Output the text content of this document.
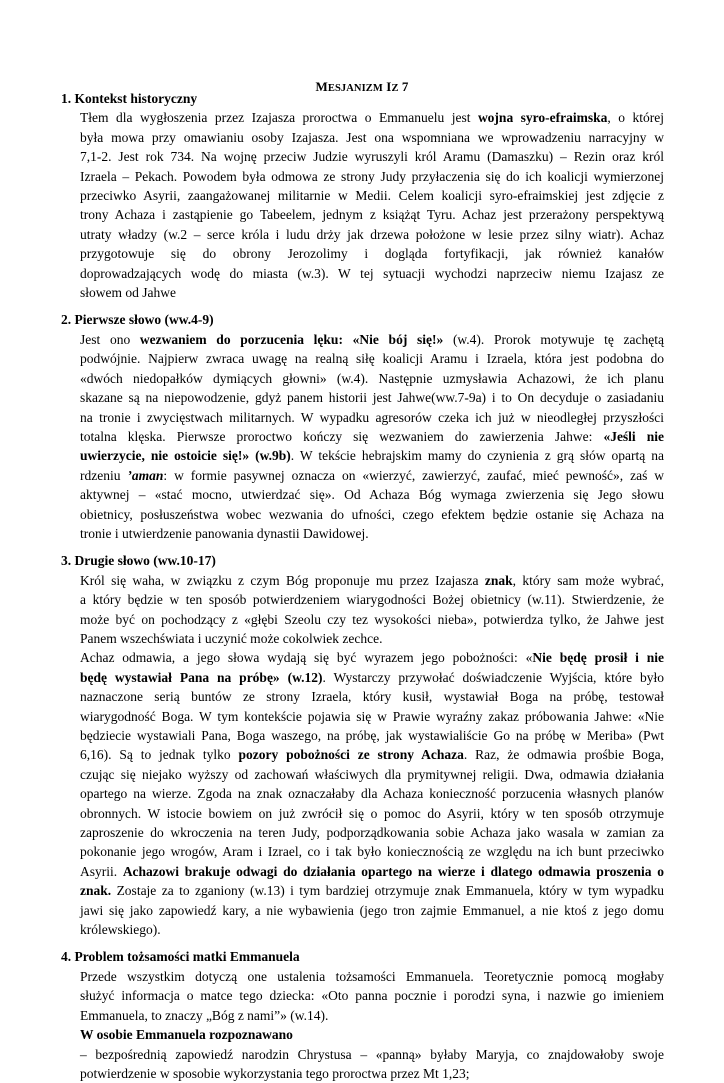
MESJANIZM IZ 7
1. Kontekst historyczny

Tłem dla wygłoszenia przez Izajasza proroctwa o Emmanuelu jest wojna syro-efraimska, o której
była mowa przy omawianiu osoby Izajasza. Jest ona wspomniana we wprowadzeniu narracyjny w
7,1-2. Jest rok 734. Na wojnę przeciw Judzie wyruszyli król Aramu (Damaszku) – Rezin oraz król
Izraela – Pekach. Powodem była odmowa ze strony Judy przyłaczenia się do ich koalicji wymierzonej
przeciwko Asyrii, zaangażowanej militarnie w Medii. Celem koalicji syro-efraimskiej jest zdjęcie z
trony Achaza i zastąpienie go Tabeelem, jednym z książąt Tyru. Achaz jest przerażony perspektywą
utraty władzy (w.2 – serce króla i ludu drży jak drzewa położone w lesie przez silny wiatr). Achaz
przygotowuje się do obrony Jerozolimy i dogląda fortyfikacji, jak również kanałów
doprowadzających wodę do miasta (w.3). W tej sytuacji wychodzi naprzeciw niemu Izajasz ze
słowem od Jahwe

2. Pierwsze słowo (ww.4-9)

Jest ono wezwaniem do porzucenia lęku: «Nie bój się!» (w.4). Prorok motywuje tę zachętą
podwójnie. Najpierw zwraca uwagę na realną siłę koalicji Aramu i Izraela, która jest podobna do
«dwóch niedopałków dymiących głowni» (w.4). Następnie uzmysławia Achazowi, że ich planu
skazane są na niepowodzenie, gdyż panem historii jest Jahwe(ww.7-9a) i to On decyduje o zasiadaniu
na tronie i zwycięstwach militarnych. W wypadku agresorów czeka ich już w nieodległej przyszłości
totalna klęska. Pierwsze proroctwo kończy się wezwaniem do zawierzenia Jahwe: «Jeśli nie
uwierzycie, nie ostoicie się!» (w.9b). W tekście hebrajskim mamy do czynienia z grą słów opartą na
rdzeniu ʼaman: w formie pasywnej oznacza on «wierzyć, zawierzyć, zaufać, mieć pewność», zaś w
aktywnej – «stać mocno, utwierdzać się». Od Achaza Bóg wymaga zwierzenia się Jego słowu
obietnicy, posłuszeństwa wobec wezwania do ufności, czego efektem będzie ostanie się Achaza na
tronie i utwierdzenie panowania dynastii Dawidowej.

3. Drugie słowo (ww.10-17)

Król się waha, w związku z czym Bóg proponuje mu przez Izajasza znak, który sam może wybrać,
a który będzie w ten sposób potwierdzeniem wiarygodności Bożej obietnicy (w.11). Stwierdzenie, że
może być on pochodzący z «głębi Szeolu czy tez wysokości nieba», potwierdza tylko, że Jahwe jest
Panem wszechświata i uczynić może cokolwiek zechce.

Achaz odmawia, a jego słowa wydają się być wyrazem jego pobożności: «Nie będę prosił i nie
będę wystawiał Pana na próbę» (w.12). Wystarczy przywołać doświadczenie Wyjścia, które było
naznaczone serią buntów ze strony Izraela, który kusił, wystawiał Boga na próbę, testował
wiarygodność Boga. W tym kontekście pojawia się w Prawie wyraźny zakaz próbowania Jahwe: «Nie
będziecie wystawiali Pana, Boga waszego, na próbę, jak wystawialiście Go na próbę w Meriba» (Pwt
6,16). Są to jednak tylko pozory pobożności ze strony Achaza. Raz, że odmawia prośbie Boga,
czując się niejako wyższy od zachowań właściwych dla prymitywnej religii. Dwa, odmawia działania
opartego na wierze. Zgoda na znak oznaczałaby dla Achaza konieczność porzucenia własnych planów
obronnych. W istocie bowiem on już zwrócił się o pomoc do Asyrii, który w ten sposób otrzymuje
zaproszenie do wkroczenia na teren Judy, podporządkowania sobie Achaza jako wasala w zamian za
pokonanie jego wrogów, Aram i Izrael, co i tak było koniecznością ze względu na ich bunt przeciwko
Asyrii. Achazowi brakuje odwagi do działania opartego na wierze i dlatego odmawia proszenia o
znak. Zostaje za to zganiony (w.13) i tym bardziej otrzymuje znak Emmanuela, który w tym wypadku
jawi się jako zapowiedź kary, a nie wybawienia (jego tron zajmie Emmanuel, a nie ktoś z jego domu
królewskiego).

4. Problem tożsamości matki Emmanuela

Przede wszystkim dotyczą one ustalenia tożsamości Emmanuela. Teoretycznie pomocą mogłaby
służyć informacja o matce tego dziecka: «Oto panna pocznie i porodzi syna, i nazwie go imieniem
Emmanuela, to znaczy „Bóg z nami”» (w.14).

W osobie Emmanuela rozpoznawano

– bezpośrednią zapowiedź narodzin Chrystusa – «panną» byłaby Maryja, co znajdowałoby swoje
potwierdzenie w sposobie wykorzystania tego proroctwa przez Mt 1,23;
